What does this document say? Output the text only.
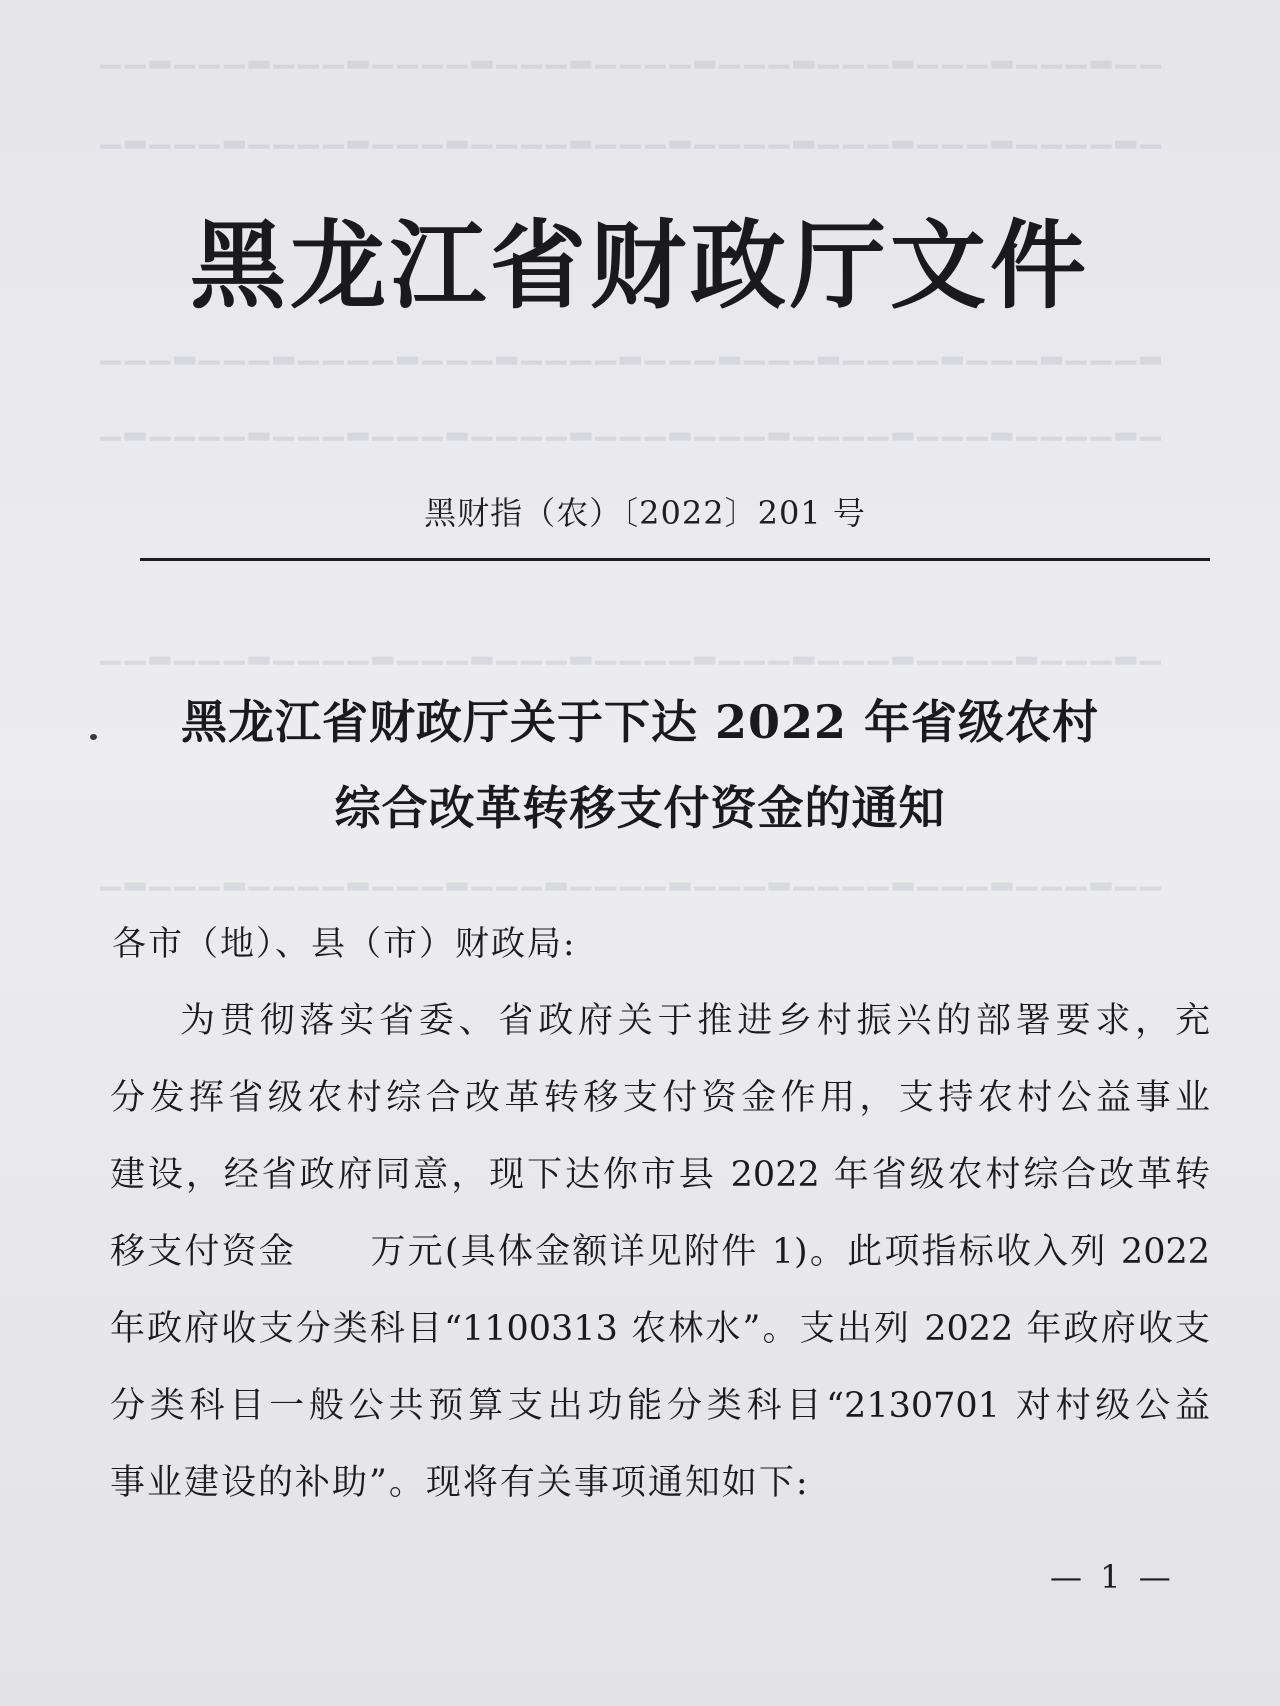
▁▁▂▁▁▁▂▁▁▁▂▁▁▁▁▂▁▁▁▂▁▁▁▁▂▁▁▁▂▁▁▁▂▁▁▁▂▁▁▁▂▁▁
▁▂▁▁▁▂▁▁▁▁▂▁▁▁▂▁▁▁▁▂▁▁▁▂▁▁▁▁▂▁▁▁▂▁▁▁▂▁▁▁▁▂▁
▁▁▁▂▁▁▁▂▁▁▁▁▂▁▁▁▂▁▁▁▁▂▁▁▁▂▁▁▁▂▁▁▁▁▂▁▁▁▂▁▁▁▂
▁▂▁▁▁▁▂▁▁▁▂▁▁▁▂▁▁▁▁▂▁▁▁▂▁▁▁▂▁▁▁▁▂▁▁▁▂▁▁▁▁▂▁
▁▁▂▁▁▁▂▁▁▁▁▂▁▁▁▂▁▁▁▂▁▁▁▁▂▁▁▁▂▁▁▁▂▁▁▁▁▂▁▁▁▂▁
▁▂▁▁▁▂▁▁▁▁▂▁▁▁▂▁▁▁▂▁▁▁▁▂▁▁▁▂▁▁▁▁▂▁▁▁▂▁▁▁▂▁▁
黑龙江省财政厅文件
黑财指（农）〔2022〕201 号
黑龙江省财政厅关于下达 2022 年省级农村
综合改革转移支付资金的通知
各市（地）、县（市）财政局:
为贯彻落实省委、省政府关于推进乡村振兴的部署要求，充
分发挥省级农村综合改革转移支付资金作用，支持农村公益事业
建设，经省政府同意，现下达你市县 2022 年省级农村综合改革转
移支付资金　　万元(具体金额详见附件 1)。此项指标收入列 2022
年政府收支分类科目“1100313 农林水”。支出列 2022 年政府收支
分类科目一般公共预算支出功能分类科目“2130701 对村级公益
事业建设的补助”。现将有关事项通知如下:
— 1 —
